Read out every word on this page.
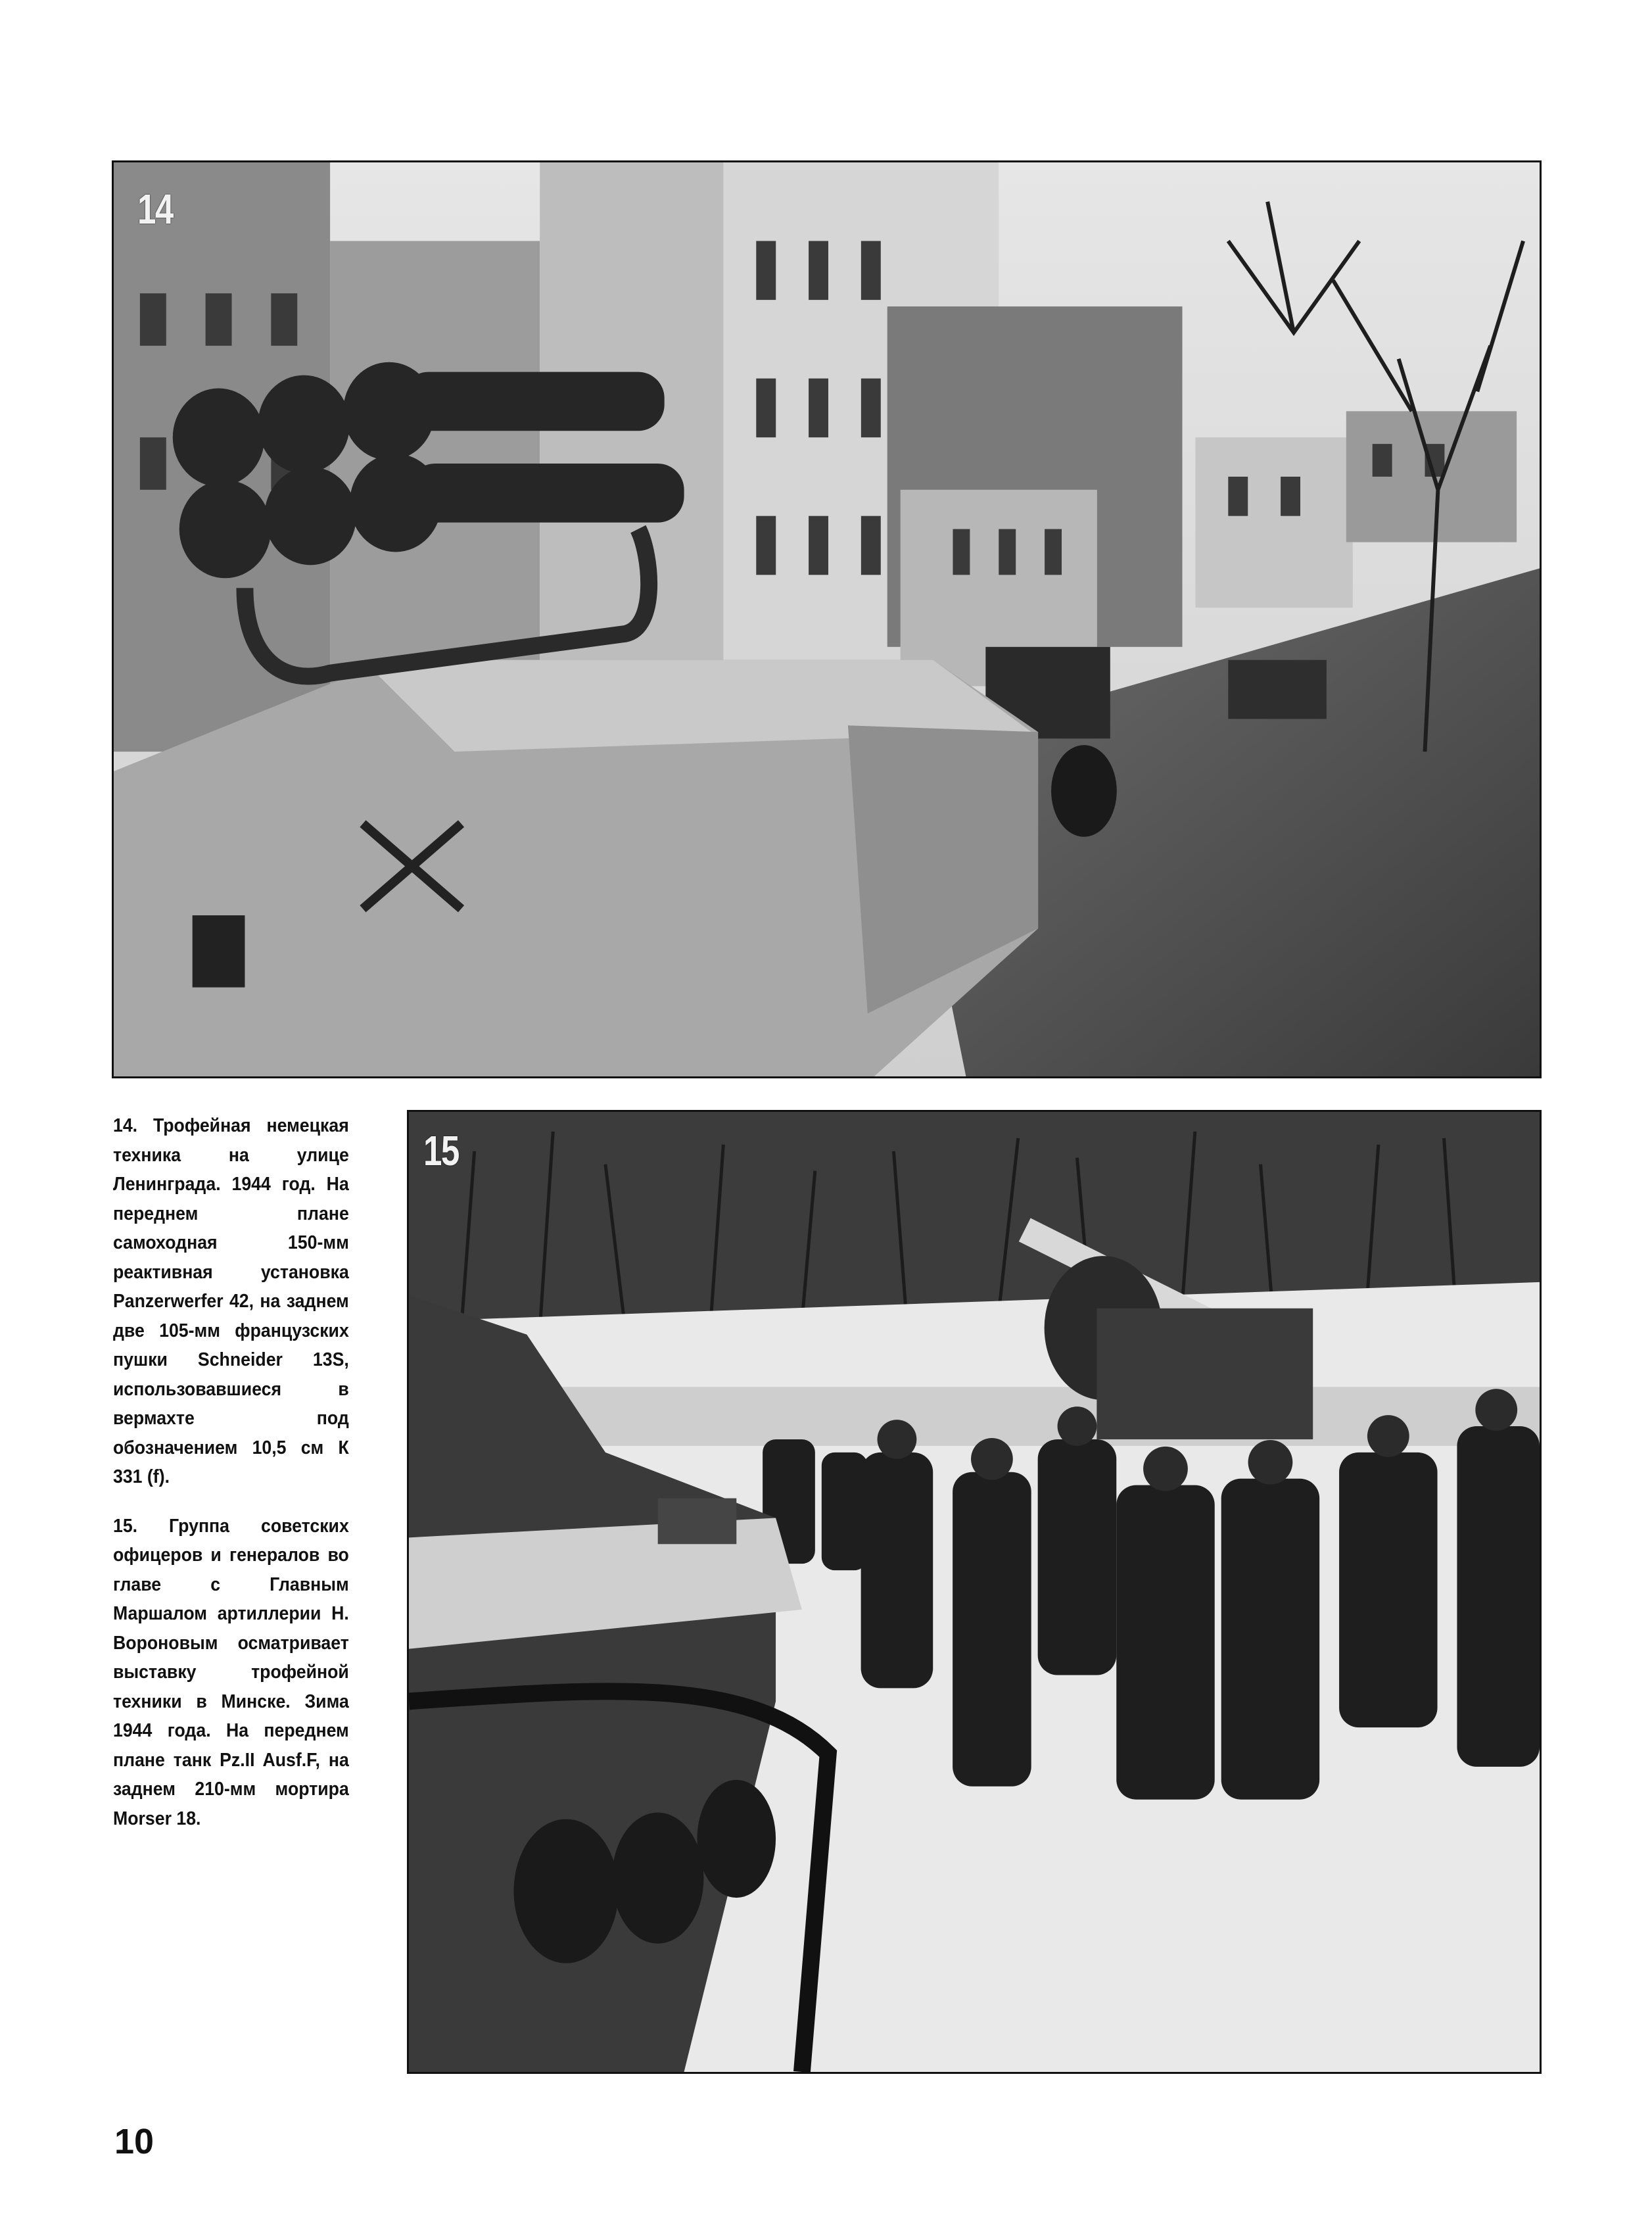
14

14. Трофейная немецкая техника на улице Ленинграда. 1944 год. На переднем плане самоходная 150-мм реактивная установка Panzerwerfer 42, на заднем две 105-мм французских пушки Schneider 13S, использовавшиеся в вермахте под обозначением 10,5 см К 331 (f).

15. Группа советских офицеров и генералов во главе с Главным Маршалом артиллерии Н. Вороновым осматривает выставку трофейной техники в Минске. Зима 1944 года. На переднем плане танк Pz.II Ausf.F, на заднем 210-мм мортира Morser 18.

15
10
